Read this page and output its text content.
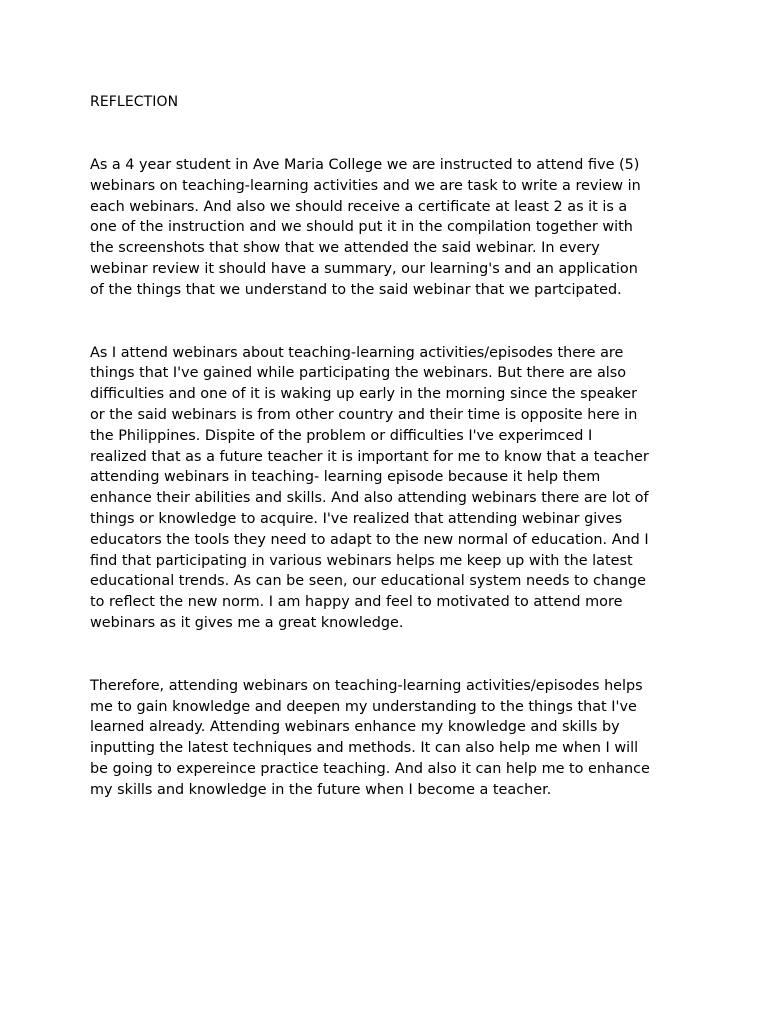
REFLECTION
As a 4 year student in Ave Maria College we are instructed to attend five (5)
webinars on teaching-learning activities and we are task to write a review in
each webinars. And also we should receive a certificate at least 2 as it is a
one of the instruction and we should put it in the compilation together with
the screenshots that show that we attended the said webinar. In every
webinar review it should have a summary, our learning's and an application
of the things that we understand to the said webinar that we partcipated.
As I attend webinars about teaching-learning activities/episodes there are
things that I've gained while participating the webinars. But there are also
difficulties and one of it is waking up early in the morning since the speaker
or the said webinars is from other country and their time is opposite here in
the Philippines. Dispite of the problem or difficulties I've experimced I
realized that as a future teacher it is important for me to know that a teacher
attending webinars in teaching- learning episode because it help them
enhance their abilities and skills. And also attending webinars there are lot of
things or knowledge to acquire. I've realized that attending webinar gives
educators the tools they need to adapt to the new normal of education. And I
find that participating in various webinars helps me keep up with the latest
educational trends. As can be seen, our educational system needs to change
to reflect the new norm. I am happy and feel to motivated to attend more
webinars as it gives me a great knowledge.
Therefore, attending webinars on teaching-learning activities/episodes helps
me to gain knowledge and deepen my understanding to the things that I've
learned already. Attending webinars enhance my knowledge and skills by
inputting the latest techniques and methods. It can also help me when I will
be going to expereince practice teaching. And also it can help me to enhance
my skills and knowledge in the future when I become a teacher.
